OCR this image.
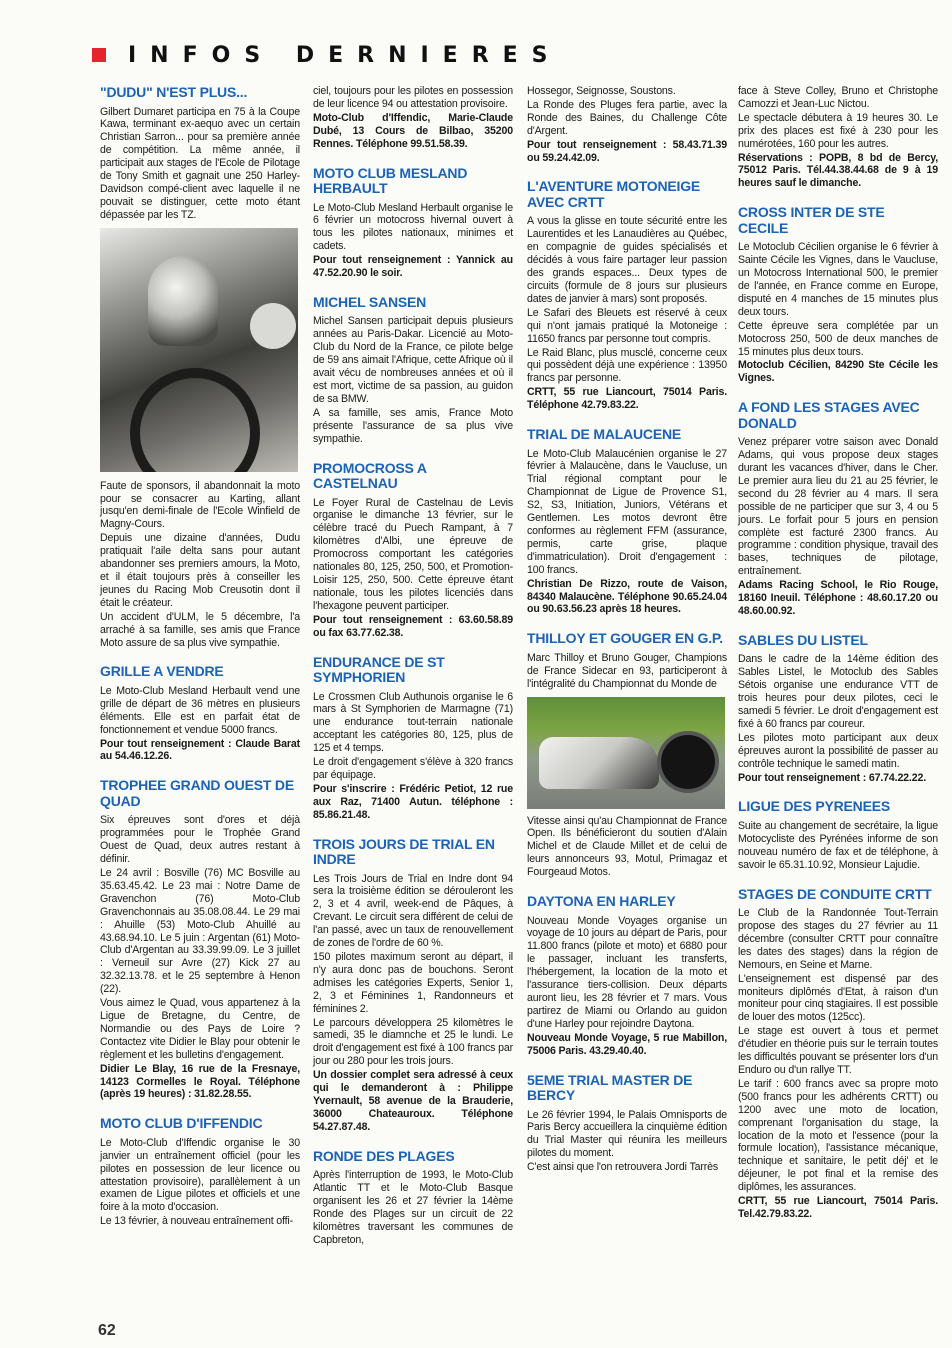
INFOS DERNIERES
"DUDU" N'EST PLUS...

Gilbert Dumaret participa en 75 à la Coupe Kawa, terminant ex-aequo avec un certain Christian Sarron... pour sa première année de compétition. La même année, il participait aux stages de l'Ecole de Pilotage de Tony Smith et gagnait une 250 Harley-Davidson compé-client avec laquelle il ne pouvait se distinguer, cette moto étant dépassée par les TZ.

Faute de sponsors, il abandonnait la moto pour se consacrer au Karting, allant jusqu'en demi-finale de l'Ecole Winfield de Magny-Cours.

Depuis une dizaine d'années, Dudu pratiquait l'aile delta sans pour autant abandonner ses premiers amours, la Moto, et il était toujours près à conseiller les jeunes du Racing Mob Creusotin dont il était le créateur.

Un accident d'ULM, le 5 décembre, l'a arraché à sa famille, ses amis que France Moto assure de sa plus vive sympathie.

GRILLE A VENDRE

Le Moto-Club Mesland Herbault vend une grille de départ de 36 mètres en plusieurs éléments. Elle est en parfait état de fonctionnement et vendue 5000 francs.

Pour tout renseignement : Claude Barat au 54.46.12.26.

TROPHEE GRAND OUEST DE QUAD

Six épreuves sont d'ores et déjà programmées pour le Trophée Grand Ouest de Quad, deux autres restant à définir.

Le 24 avril : Bosville (76) MC Bosville au 35.63.45.42. Le 23 mai : Notre Dame de Gravenchon (76) Moto-Club Gravenchonnais au 35.08.08.44. Le 29 mai : Ahuille (53) Moto-Club Ahuillé au 43.68.94.10. Le 5 juin : Argentan (61) Moto-Club d'Argentan au 33.39.99.09. Le 3 juillet : Verneuil sur Avre (27) Kick 27 au 32.32.13.78. et le 25 septembre à Henon (22).

Vous aimez le Quad, vous appartenez à la Ligue de Bretagne, du Centre, de Normandie ou des Pays de Loire ? Contactez vite Didier le Blay pour obtenir le règlement et les bulletins d'engagement.

Didier Le Blay, 16 rue de la Fresnaye, 14123 Cormelles le Royal. Téléphone (après 19 heures) : 31.82.28.55.

MOTO CLUB D'IFFENDIC

Le Moto-Club d'Iffendic organise le 30 janvier un entraînement officiel (pour les pilotes en possession de leur licence ou attestation provisoire), parallèlement à un examen de Ligue pilotes et officiels et une foire à la moto d'occasion.

Le 13 février, à nouveau entraînement offi-

ciel, toujours pour les pilotes en possession de leur licence 94 ou attestation provisoire.

Moto-Club d'Iffendic, Marie-Claude Dubé, 13 Cours de Bilbao, 35200 Rennes. Téléphone 99.51.58.39.

MOTO CLUB MESLAND HERBAULT

Le Moto-Club Mesland Herbault organise le 6 février un motocross hivernal ouvert à tous les pilotes nationaux, minimes et cadets.

Pour tout renseignement : Yannick au 47.52.20.90 le soir.

MICHEL SANSEN

Michel Sansen participait depuis plusieurs années au Paris-Dakar. Licencié au Moto-Club du Nord de la France, ce pilote belge de 59 ans aimait l'Afrique, cette Afrique où il avait vécu de nombreuses années et où il est mort, victime de sa passion, au guidon de sa BMW.

A sa famille, ses amis, France Moto présente l'assurance de sa plus vive sympathie.

PROMOCROSS A CASTELNAU

Le Foyer Rural de Castelnau de Levis organise le dimanche 13 février, sur le célèbre tracé du Puech Rampant, à 7 kilomètres d'Albi, une épreuve de Promocross comportant les catégories nationales 80, 125, 250, 500, et Promotion-Loisir 125, 250, 500. Cette épreuve étant nationale, tous les pilotes licenciés dans l'hexagone peuvent participer.

Pour tout renseignement : 63.60.58.89 ou fax 63.77.62.38.

ENDURANCE DE ST SYMPHORIEN

Le Crossmen Club Authunois organise le 6 mars à St Symphorien de Marmagne (71) une endurance tout-terrain nationale acceptant les catégories 80, 125, plus de 125 et 4 temps.

Le droit d'engagement s'élève à 320 francs par équipage.

Pour s'inscrire : Frédéric Petiot, 12 rue aux Raz, 71400 Autun. téléphone : 85.86.21.48.

TROIS JOURS DE TRIAL EN INDRE

Les Trois Jours de Trial en Indre dont 94 sera la troisième édition se dérouleront les 2, 3 et 4 avril, week-end de Pâques, à Crevant. Le circuit sera différent de celui de l'an passé, avec un taux de renouvellement de zones de l'ordre de 60 %.

150 pilotes maximum seront au départ, il n'y aura donc pas de bouchons. Seront admises les catégories Experts, Senior 1, 2, 3 et Féminines 1, Randonneurs et féminines 2.

Le parcours développera 25 kilomètres le samedi, 35 le diamnche et 25 le lundi. Le droit d'engagement est fixé à 100 francs par jour ou 280 pour les trois jours.

Un dossier complet sera adressé à ceux qui le demanderont à : Philippe Yvernault, 58 avenue de la Brauderie, 36000 Chateauroux. Téléphone 54.27.87.48.

RONDE DES PLAGES

Après l'interruption de 1993, le Moto-Club Atlantic TT et le Moto-Club Basque organisent les 26 et 27 février la 14ème Ronde des Plages sur un circuit de 22 kilomètres traversant les communes de Capbreton,

Hossegor, Seignosse, Soustons.

La Ronde des Pluges fera partie, avec la Ronde des Baines, du Challenge Côte d'Argent.

Pour tout renseignement : 58.43.71.39 ou 59.24.42.09.

L'AVENTURE MOTONEIGE AVEC CRTT

A vous la glisse en toute sécurité entre les Laurentides et les Lanaudières au Québec, en compagnie de guides spécialisés et décidés à vous faire partager leur passion des grands espaces... Deux types de circuits (formule de 8 jours sur plusieurs dates de janvier à mars) sont proposés.

Le Safari des Bleuets est réservé à ceux qui n'ont jamais pratiqué la Motoneige : 11650 francs par personne tout compris.

Le Raid Blanc, plus musclé, concerne ceux qui possèdent déjà une expérience : 13950 francs par personne.

CRTT, 55 rue Liancourt, 75014 Paris. Téléphone 42.79.83.22.

TRIAL DE MALAUCENE

Le Moto-Club Malaucénien organise le 27 février à Malaucène, dans le Vaucluse, un Trial régional comptant pour le Championnat de Ligue de Provence S1, S2, S3, Initiation, Juniors, Vétérans et Gentlemen. Les motos devront être conformes au règlement FFM (assurance, permis, carte grise, plaque d'immatriculation). Droit d'engagement : 100 francs.

Christian De Rizzo, route de Vaison, 84340 Malaucène. Téléphone 90.65.24.04 ou 90.63.56.23 après 18 heures.

THILLOY ET GOUGER EN G.P.

Marc Thilloy et Bruno Gouger, Champions de France Sidecar en 93, participeront à l'intégralité du Championnat du Monde de

Vitesse ainsi qu'au Championnat de France Open. Ils bénéficieront du soutien d'Alain Michel et de Claude Millet et de celui de leurs annonceurs 93, Motul, Primagaz et Fourgeaud Motos.

DAYTONA EN HARLEY

Nouveau Monde Voyages organise un voyage de 10 jours au départ de Paris, pour 11.800 francs (pilote et moto) et 6880 pour le passager, incluant les transferts, l'hébergement, la location de la moto et l'assurance tiers-collision. Deux départs auront lieu, les 28 février et 7 mars. Vous partirez de Miami ou Orlando au guidon d'une Harley pour rejoindre Daytona.

Nouveau Monde Voyage, 5 rue Mabillon, 75006 Paris. 43.29.40.40.

5EME TRIAL MASTER DE BERCY

Le 26 février 1994, le Palais Omnisports de Paris Bercy accueillera la cinquième édition du Trial Master qui réunira les meilleurs pilotes du moment.

C'est ainsi que l'on retrouvera Jordi Tarrès

face à Steve Colley, Bruno et Christophe Camozzi et Jean-Luc Nictou.

Le spectacle débutera à 19 heures 30. Le prix des places est fixé à 230 pour les numérotées, 160 pour les autres.

Réservations : POPB, 8 bd de Bercy, 75012 Paris. Tél.44.38.44.68 de 9 à 19 heures sauf le dimanche.

CROSS INTER DE STE CECILE

Le Motoclub Cécilien organise le 6 février à Sainte Cécile les Vignes, dans le Vaucluse, un Motocross International 500, le premier de l'année, en France comme en Europe, disputé en 4 manches de 15 minutes plus deux tours.

Cette épreuve sera complétée par un Motocross 250, 500 de deux manches de 15 minutes plus deux tours.

Motoclub Cécilien, 84290 Ste Cécile les Vignes.

A FOND LES STAGES AVEC DONALD

Venez préparer votre saison avec Donald Adams, qui vous propose deux stages durant les vacances d'hiver, dans le Cher. Le premier aura lieu du 21 au 25 février, le second du 28 février au 4 mars. Il sera possible de ne participer que sur 3, 4 ou 5 jours. Le forfait pour 5 jours en pension complète est facturé 2300 francs. Au programme : condition physique, travail des bases, techniques de pilotage, entraînement.

Adams Racing School, le Rio Rouge, 18160 Ineuil. Téléphone : 48.60.17.20 ou 48.60.00.92.

SABLES DU LISTEL

Dans le cadre de la 14ème édition des Sables Listel, le Motoclub des Sables Sétois organise une endurance VTT de trois heures pour deux pilotes, ceci le samedi 5 février. Le droit d'engagement est fixé à 60 francs par coureur.

Les pilotes moto participant aux deux épreuves auront la possibilité de passer au contrôle technique le samedi matin.

Pour tout renseignement : 67.74.22.22.

LIGUE DES PYRENEES

Suite au changement de secrétaire, la ligue Motocycliste des Pyrénées informe de son nouveau numéro de fax et de téléphone, à savoir le 65.31.10.92, Monsieur Lajudie.

STAGES DE CONDUITE CRTT

Le Club de la Randonnée Tout-Terrain propose des stages du 27 février au 11 décembre (consulter CRTT pour connaître les dates des stages) dans la région de Nemours, en Seine et Marne.

L'enseignement est dispensé par des moniteurs diplômés d'Etat, à raison d'un moniteur pour cinq stagiaires. Il est possible de louer des motos (125cc).

Le stage est ouvert à tous et permet d'étudier en théorie puis sur le terrain toutes les difficultés pouvant se présenter lors d'un Enduro ou d'un rallye TT.

Le tarif : 600 francs avec sa propre moto (500 francs pour les adhérents CRTT) ou 1200 avec une moto de location, comprenant l'organisation du stage, la location de la moto et l'essence (pour la formule location), l'assistance mécanique, technique et sanitaire, le petit déj' et le déjeuner, le pot final et la remise des diplômes, les assurances.

CRTT, 55 rue Liancourt, 75014 Paris. Tel.42.79.83.22.

62
